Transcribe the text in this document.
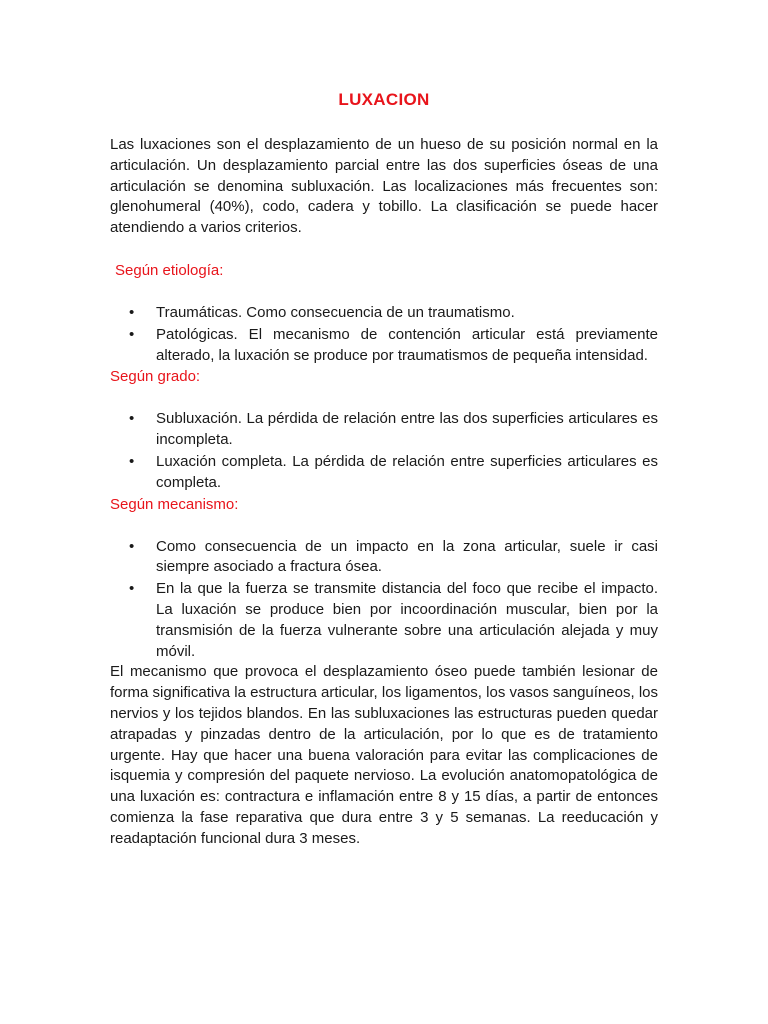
LUXACION

Las luxaciones son el desplazamiento de un hueso de su posición normal en la articulación. Un desplazamiento parcial entre las dos superficies óseas de una articulación se denomina subluxación. Las localizaciones más frecuentes son: glenohumeral (40%), codo, cadera y tobillo. La clasificación se puede hacer atendiendo a varios criterios.

Según etiología:
• Traumáticas. Como consecuencia de un traumatismo.
• Patológicas. El mecanismo de contención articular está previamente alterado, la luxación se produce por traumatismos de pequeña intensidad.
Según grado:
• Subluxación. La pérdida de relación entre las dos superficies articulares es incompleta.
• Luxación completa. La pérdida de relación entre superficies articulares es completa.
Según mecanismo:
• Como consecuencia de un impacto en la zona articular, suele ir casi siempre asociado a fractura ósea.
• En la que la fuerza se transmite distancia del foco que recibe el impacto. La luxación se produce bien por incoordinación muscular, bien por la transmisión de la fuerza vulnerante sobre una articulación alejada y muy móvil.

El mecanismo que provoca el desplazamiento óseo puede también lesionar de forma significativa la estructura articular, los ligamentos, los vasos sanguíneos, los nervios y los tejidos blandos. En las subluxaciones las estructuras pueden quedar atrapadas y pinzadas dentro de la articulación, por lo que es de tratamiento urgente. Hay que hacer una buena valoración para evitar las complicaciones de isquemia y compresión del paquete nervioso. La evolución anatomopatológica de una luxación es: contractura e inflamación entre 8 y 15 días, a partir de entonces comienza la fase reparativa que dura entre 3 y 5 semanas. La reeducación y readaptación funcional dura 3 meses.
